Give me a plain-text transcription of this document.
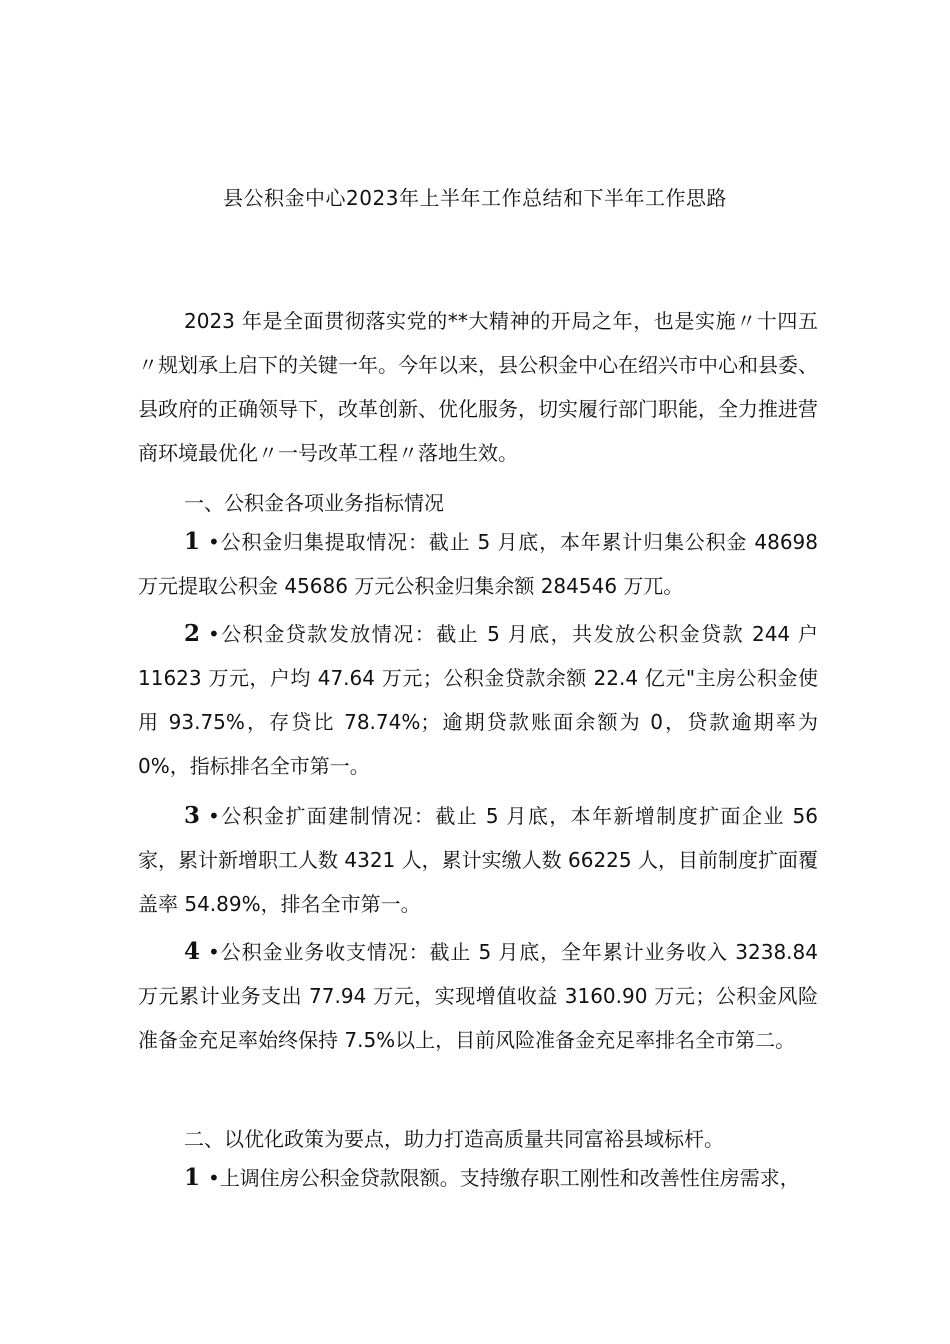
县公积金中心2023年上半年工作总结和下半年工作思路
2023 年是全面贯彻落实党的**大精神的开局之年，也是实施〃十四五〃规划承上启下的关键一年。今年以来，县公积金中心在绍兴市中心和县委、县政府的正确领导下，改革创新、优化服务，切实履行部门职能，全力推进营商环境最优化〃一号改革工程〃落地生效。
一、公积金各项业务指标情况
1 •公积金归集提取情况：截止 5 月底，本年累计归集公积金 48698 万元提取公积金 45686 万元公积金归集余额 284546 万兀。
2 •公积金贷款发放情况：截止 5 月底，共发放公积金贷款 244 户 11623 万元，户均 47.64 万元；公积金贷款余额 22.4 亿元"主房公积金使用 93.75%，存贷比 78.74%；逾期贷款账面余额为 0，贷款逾期率为 0%，指标排名全市第一。
3 •公积金扩面建制情况：截止 5 月底，本年新增制度扩面企业 56 家，累计新增职工人数 4321 人，累计实缴人数 66225 人，目前制度扩面覆盖率 54.89%，排名全市第一。
4 •公积金业务收支情况：截止 5 月底，全年累计业务收入 3238.84 万元累计业务支出 77.94 万元，实现增值收益 3160.90 万元；公积金风险准备金充足率始终保持 7.5%以上，目前风险准备金充足率排名全市第二。
二、以优化政策为要点，助力打造高质量共同富裕县域标杆。
1 •上调住房公积金贷款限额。支持缴存职工刚性和改善性住房需求，
